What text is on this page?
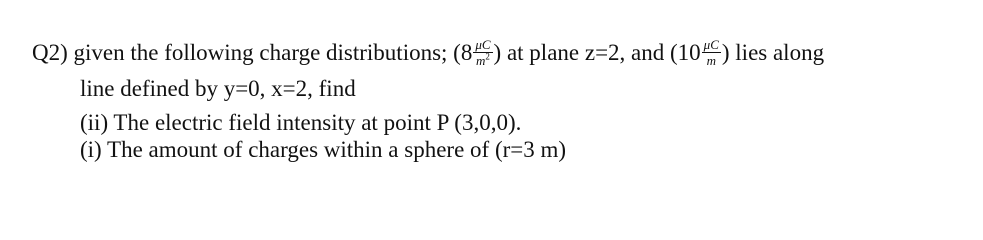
Q2) given the following charge distributions; ($8 \frac{\mu C}{m^2}$ ) at plane z=2, and ($10 \frac{\mu C}{m}$ ) lies along
line defined by y=0, x=2, find
(ii) The electric field intensity at point P (3,0,0).
(i) The amount of charges within a sphere of (r=3 m)
